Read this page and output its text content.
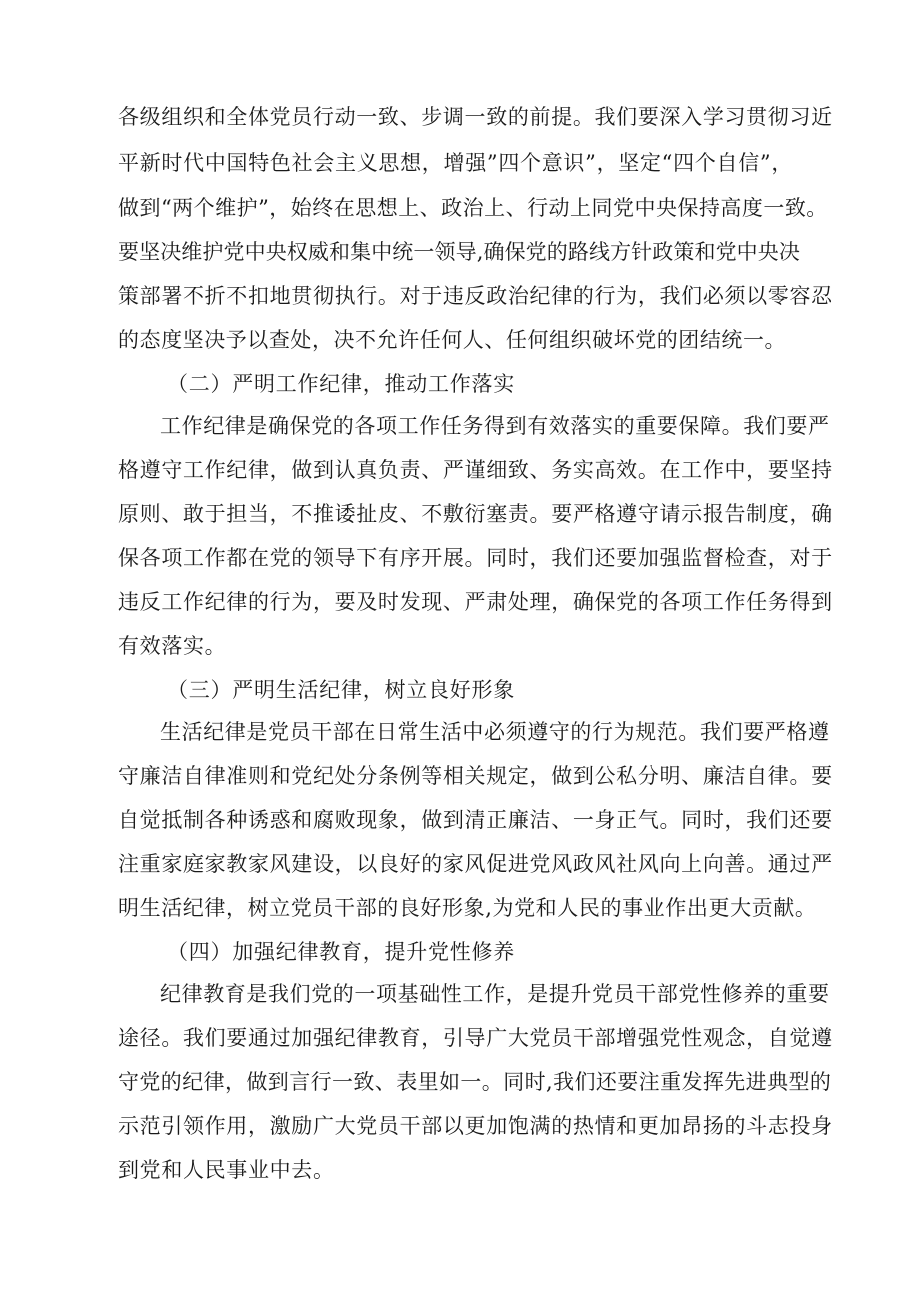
各级组织和全体党员行动一致、步调一致的前提。我们要深入学习贯彻习近
平新时代中国特色社会主义思想，增强”四个意识”，坚定“四个自信”，
做到“两个维护”，始终在思想上、政治上、行动上同党中央保持高度一致。
要坚决维护党中央权威和集中统一领导,确保党的路线方针政策和党中央决
策部署不折不扣地贯彻执行。对于违反政治纪律的行为，我们必须以零容忍
的态度坚决予以查处，决不允许任何人、任何组织破坏党的团结统一。
（二）严明工作纪律，推动工作落实
工作纪律是确保党的各项工作任务得到有效落实的重要保障。我们要严
格遵守工作纪律，做到认真负责、严谨细致、务实高效。在工作中，要坚持
原则、敢于担当，不推诿扯皮、不敷衍塞责。要严格遵守请示报告制度，确
保各项工作都在党的领导下有序开展。同时，我们还要加强监督检查，对于
违反工作纪律的行为，要及时发现、严肃处理，确保党的各项工作任务得到
有效落实。
（三）严明生活纪律，树立良好形象
生活纪律是党员干部在日常生活中必须遵守的行为规范。我们要严格遵
守廉洁自律准则和党纪处分条例等相关规定，做到公私分明、廉洁自律。要
自觉抵制各种诱惑和腐败现象，做到清正廉洁、一身正气。同时，我们还要
注重家庭家教家风建设，以良好的家风促进党风政风社风向上向善。通过严
明生活纪律，树立党员干部的良好形象,为党和人民的事业作出更大贡献。
（四）加强纪律教育，提升党性修养
纪律教育是我们党的一项基础性工作，是提升党员干部党性修养的重要
途径。我们要通过加强纪律教育，引导广大党员干部增强党性观念，自觉遵
守党的纪律，做到言行一致、表里如一。同时,我们还要注重发挥先进典型的
示范引领作用，激励广大党员干部以更加饱满的热情和更加昂扬的斗志投身
到党和人民事业中去。
